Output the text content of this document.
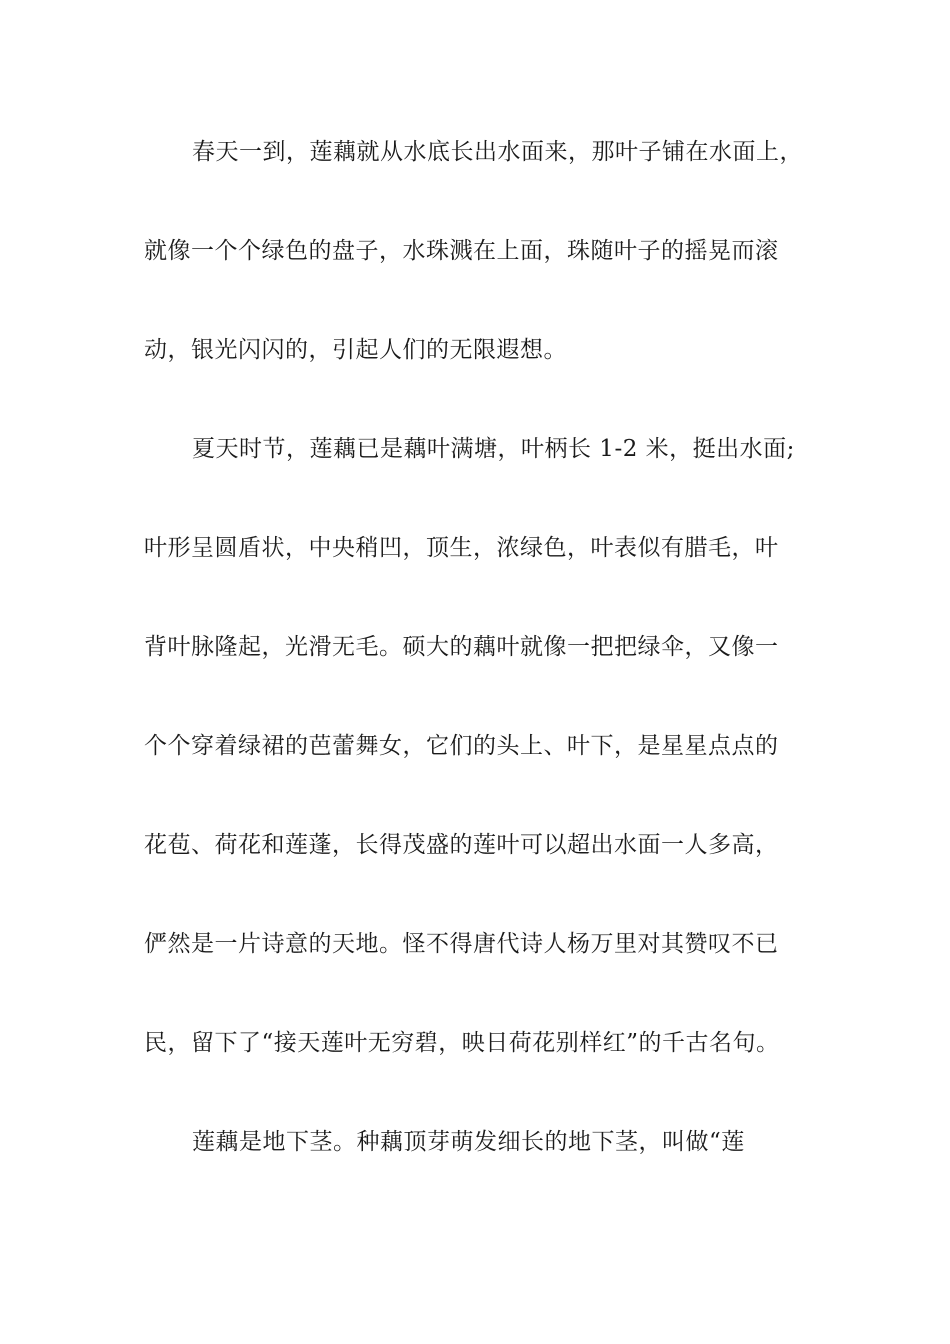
春天一到，莲藕就从水底长出水面来，那叶子铺在水面上，
就像一个个绿色的盘子，水珠溅在上面，珠随叶子的摇晃而滚
动，银光闪闪的，引起人们的无限遐想。
夏天时节，莲藕已是藕叶满塘，叶柄长 1-2 米，挺出水面;
叶形呈圆盾状，中央稍凹，顶生，浓绿色，叶表似有腊毛，叶
背叶脉隆起，光滑无毛。硕大的藕叶就像一把把绿伞，又像一
个个穿着绿裙的芭蕾舞女，它们的头上、叶下，是星星点点的
花苞、荷花和莲蓬，长得茂盛的莲叶可以超出水面一人多高，
俨然是一片诗意的天地。怪不得唐代诗人杨万里对其赞叹不已
民，留下了“接天莲叶无穷碧，映日荷花别样红”的千古名句。
莲藕是地下茎。种藕顶芽萌发细长的地下茎，叫做“莲
